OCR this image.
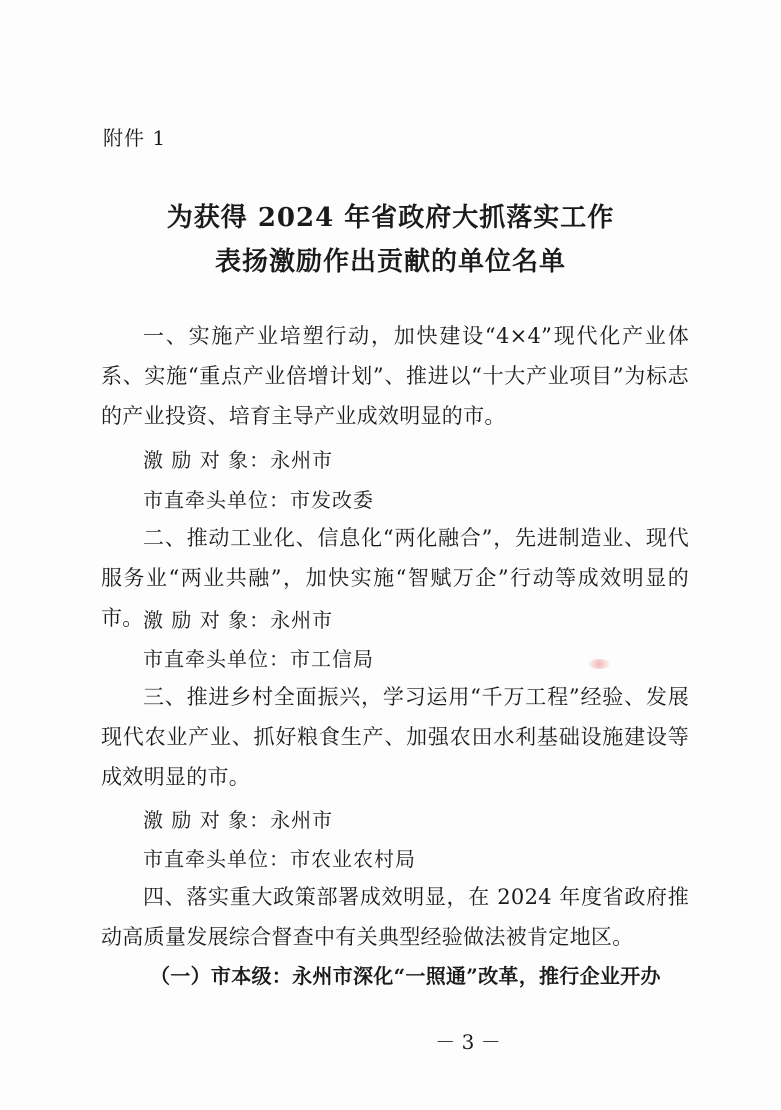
附件 1
为获得 2024 年省政府大抓落实工作
表扬激励作出贡献的单位名单

一、实施产业培塑行动，加快建设“4×4”现代化产业体系、实施“重点产业倍增计划”、推进以“十大产业项目”为标志的产业投资、培育主导产业成效明显的市。

激 励 对 象：永州市
市直牵头单位：市发改委

二、推动工业化、信息化“两化融合”，先进制造业、现代服务业“两业共融”，加快实施“智赋万企”行动等成效明显的市。 激 励 对 象：永州市
市直牵头单位：市工信局

三、推进乡村全面振兴，学习运用“千万工程”经验、发展现代农业产业、抓好粮食生产、加强农田水利基础设施建设等成效明显的市。

激 励 对 象：永州市
市直牵头单位：市农业农村局

四、落实重大政策部署成效明显，在 2024 年度省政府推动高质量发展综合督查中有关典型经验做法被肯定地区。

（一）市本级：永州市深化“一照通”改革，推行企业开办
－ 3 －
